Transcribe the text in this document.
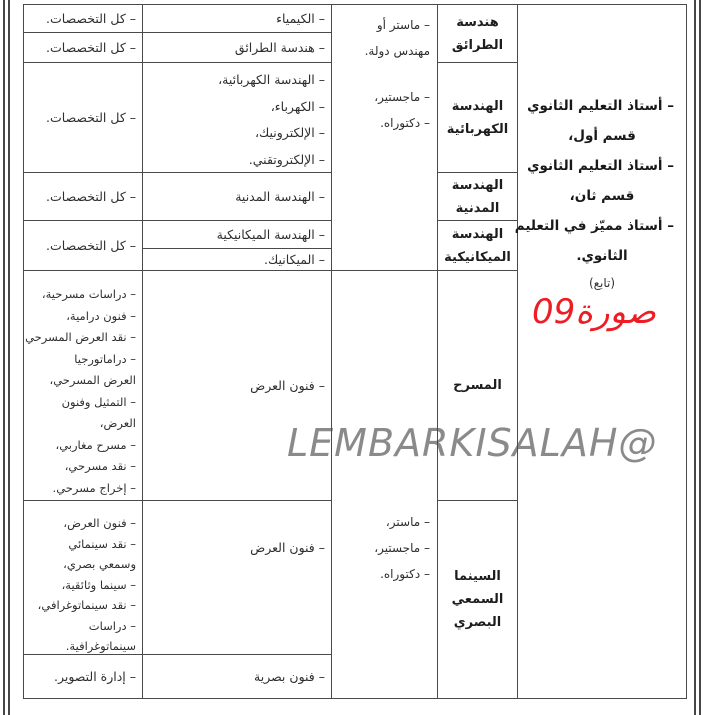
LEMBARKISALAH@
صورة09

– كل التخصصات.

– كل التخصصات.

– كل التخصصات.

– كل التخصصات.

– كل التخصصات.

– دراسات مسرحية،

– فنون درامية،

– نقد العرض المسرحي

– دراماتورجيا

العرض المسرحي،

– التمثيل وفنون

العرض،

– مسرح مغاربي،

– نقد مسرحي،

– إخراج مسرحي.

– فنون العرض،

– نقد سينمائي

وسمعي بصري،

– سينما وثائقية،

– نقد سينماتوغرافي،

– دراسات

سينماتوغرافية.

– إدارة التصوير.

– الكيمياء

– هندسة الطرائق

– الهندسة الكهربائية،

– الكهرباء،

– الإلكترونيك،

– الإلكتروتقني.

– الهندسة المدنية

– الهندسة الميكانيكية

– الميكانيك.

– فنون العرض

– فنون العرض

– فنون بصرية

– ماستر أو مهندس دولة.

– ماجستير،

– دكتوراه.

– ماستر،

– ماجستير،

– دكتوراه.

هندسة الطرائق

الهندسة الكهربائية

الهندسة المدنية

الهندسة الميكانيكية

المسرح

السينما السمعي البصري

– أستاذ التعليم الثانوي

قسم أول،

– أستاذ التعليم الثانوي

قسم ثان،

– أستاذ مميّز في التعليم

الثانوي.

(تابع)
